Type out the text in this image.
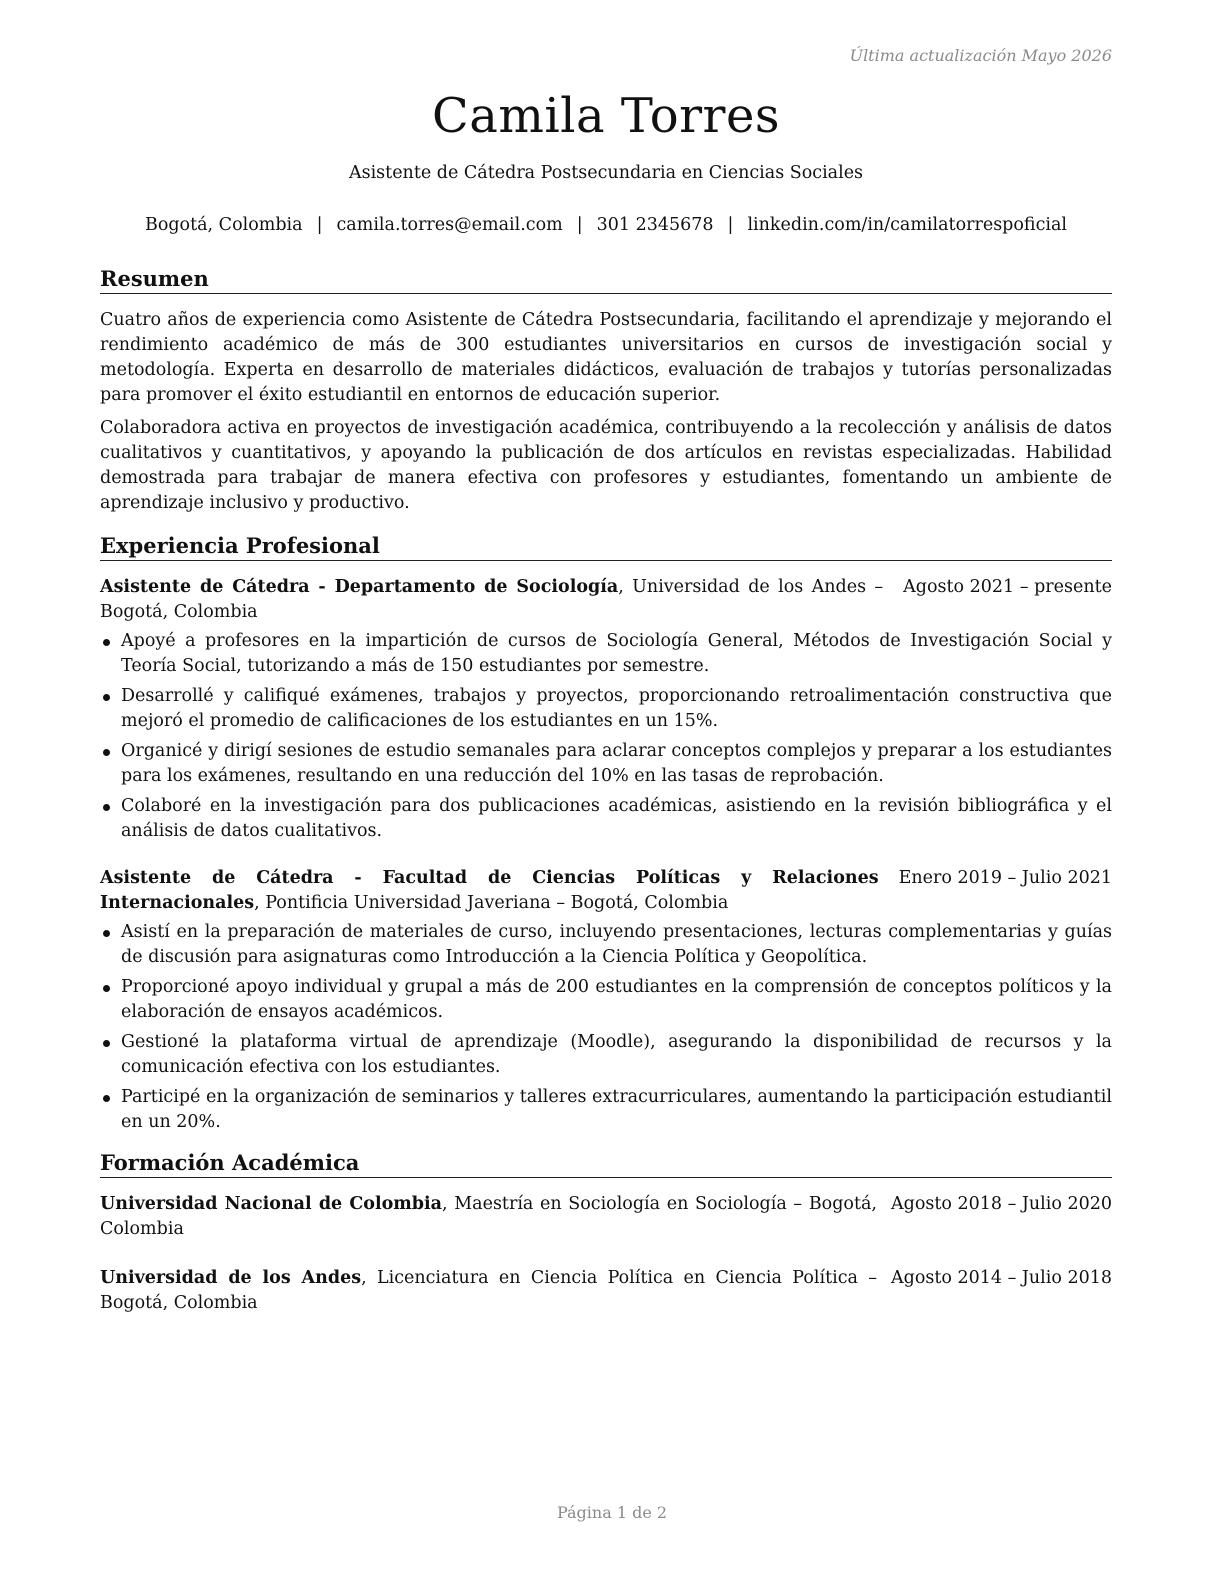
Última actualización Mayo 2026
Camila Torres
Asistente de Cátedra Postsecundaria en Ciencias Sociales
Bogotá, Colombia | camila.torres@email.com | 301 2345678 | linkedin.com/in/camilatorrespoficial
Resumen

Cuatro años de experiencia como Asistente de Cátedra Postsecundaria, facilitando el aprendizaje y mejorando el rendimiento académico de más de 300 estudiantes universitarios en cursos de investigación social y metodología. Experta en desarrollo de materiales didácticos, evaluación de trabajos y tutorías personalizadas para promover el éxito estudiantil en entornos de educación superior.

Colaboradora activa en proyectos de investigación académica, contribuyendo a la recolección y análisis de datos cualitativos y cuantitativos, y apoyando la publicación de dos artículos en revistas especializadas. Habilidad demostrada para trabajar de manera efectiva con profesores y estudiantes, fomentando un ambiente de aprendizaje inclusivo y productivo.

Experiencia Profesional
Agosto 2021 – presente
Asistente de Cátedra - Departamento de Sociología, Universidad de los Andes – Bogotá, Colombia
Apoyé a profesores en la impartición de cursos de Sociología General, Métodos de Investigación Social y Teoría Social, tutorizando a más de 150 estudiantes por semestre.
Desarrollé y califiqué exámenes, trabajos y proyectos, proporcionando retroalimentación constructiva que mejoró el promedio de calificaciones de los estudiantes en un 15%.
Organicé y dirigí sesiones de estudio semanales para aclarar conceptos complejos y preparar a los estudiantes para los exámenes, resultando en una reducción del 10% en las tasas de reprobación.
Colaboré en la investigación para dos publicaciones académicas, asistiendo en la revisión bibliográfica y el análisis de datos cualitativos.
Enero 2019 – Julio 2021
Asistente de Cátedra - Facultad de Ciencias Políticas y Relaciones Internacionales, Pontificia Universidad Javeriana – Bogotá, Colombia
Asistí en la preparación de materiales de curso, incluyendo presentaciones, lecturas complementarias y guías de discusión para asignaturas como Introducción a la Ciencia Política y Geopolítica.
Proporcioné apoyo individual y grupal a más de 200 estudiantes en la comprensión de conceptos políticos y la elaboración de ensayos académicos.
Gestioné la plataforma virtual de aprendizaje (Moodle), asegurando la disponibilidad de recursos y la comunicación efectiva con los estudiantes.
Participé en la organización de seminarios y talleres extracurriculares, aumentando la participación estudiantil en un 20%.
Formación Académica
Agosto 2018 – Julio 2020
Universidad Nacional de Colombia, Maestría en Sociología en Sociología – Bogotá, Colombia
Agosto 2014 – Julio 2018
Universidad de los Andes, Licenciatura en Ciencia Política en Ciencia Política – Bogotá, Colombia
Página 1 de 2
